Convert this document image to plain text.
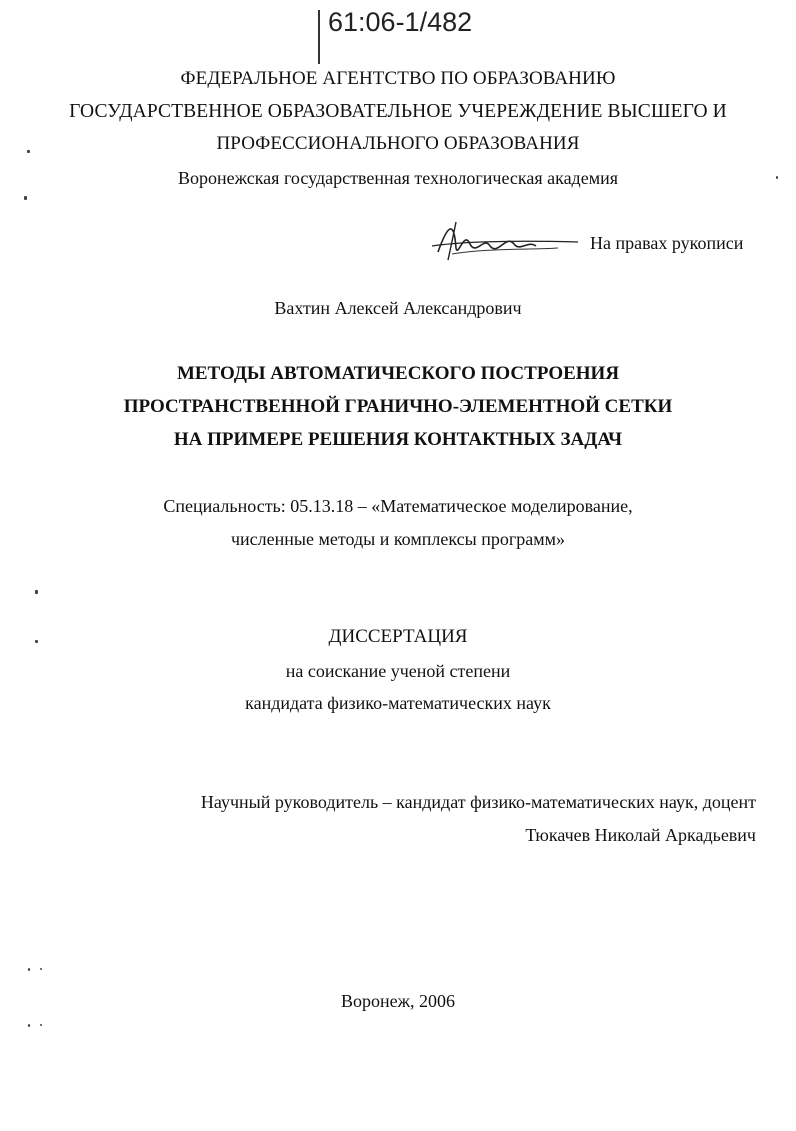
61:06-1/482
ФЕДЕРАЛЬНОЕ АГЕНТСТВО ПО ОБРАЗОВАНИЮ
ГОСУДАРСТВЕННОЕ ОБРАЗОВАТЕЛЬНОЕ УЧЕРЕЖДЕНИЕ ВЫСШЕГО И
ПРОФЕССИОНАЛЬНОГО ОБРАЗОВАНИЯ
Воронежская государственная технологическая академия
На правах рукописи
Вахтин Алексей Александрович
МЕТОДЫ АВТОМАТИЧЕСКОГО ПОСТРОЕНИЯ
ПРОСТРАНСТВЕННОЙ ГРАНИЧНО-ЭЛЕМЕНТНОЙ СЕТКИ
НА ПРИМЕРЕ РЕШЕНИЯ КОНТАКТНЫХ ЗАДАЧ
Специальность: 05.13.18 – «Математическое моделирование,
численные методы и комплексы программ»
ДИССЕРТАЦИЯ
на соискание ученой степени
кандидата физико-математических наук
Научный руководитель – кандидат физико-математических наук, доцент
Тюкачев Николай Аркадьевич
Воронеж, 2006
